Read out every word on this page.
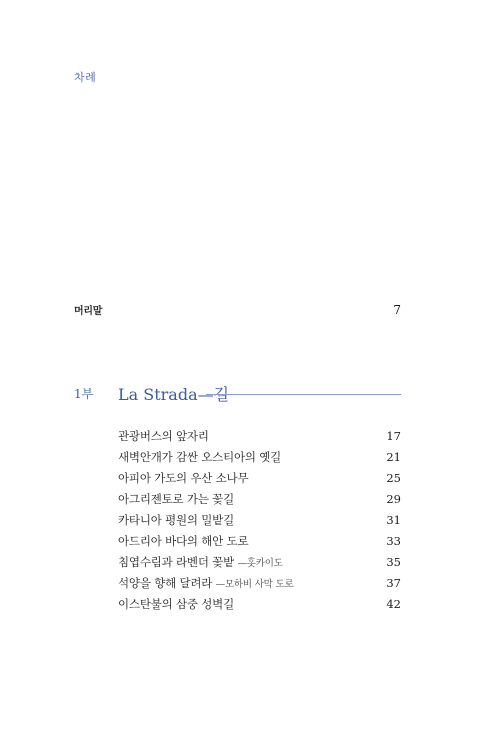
차례
머리말	7
1부 La Strada—길
관광버스의 앞자리	17
새벽안개가 감싼 오스티아의 옛길	21
아피아 가도의 우산 소나무	25
아그리젠토로 가는 꽃길	29
카타니아 평원의 밀밭길	31
아드리아 바다의 해안 도로	33
침엽수림과 라벤더 꽃밭 —홋카이도	35
석양을 향해 달려라 —모하비 사막 도로	37
이스탄불의 삼중 성벽길	42
